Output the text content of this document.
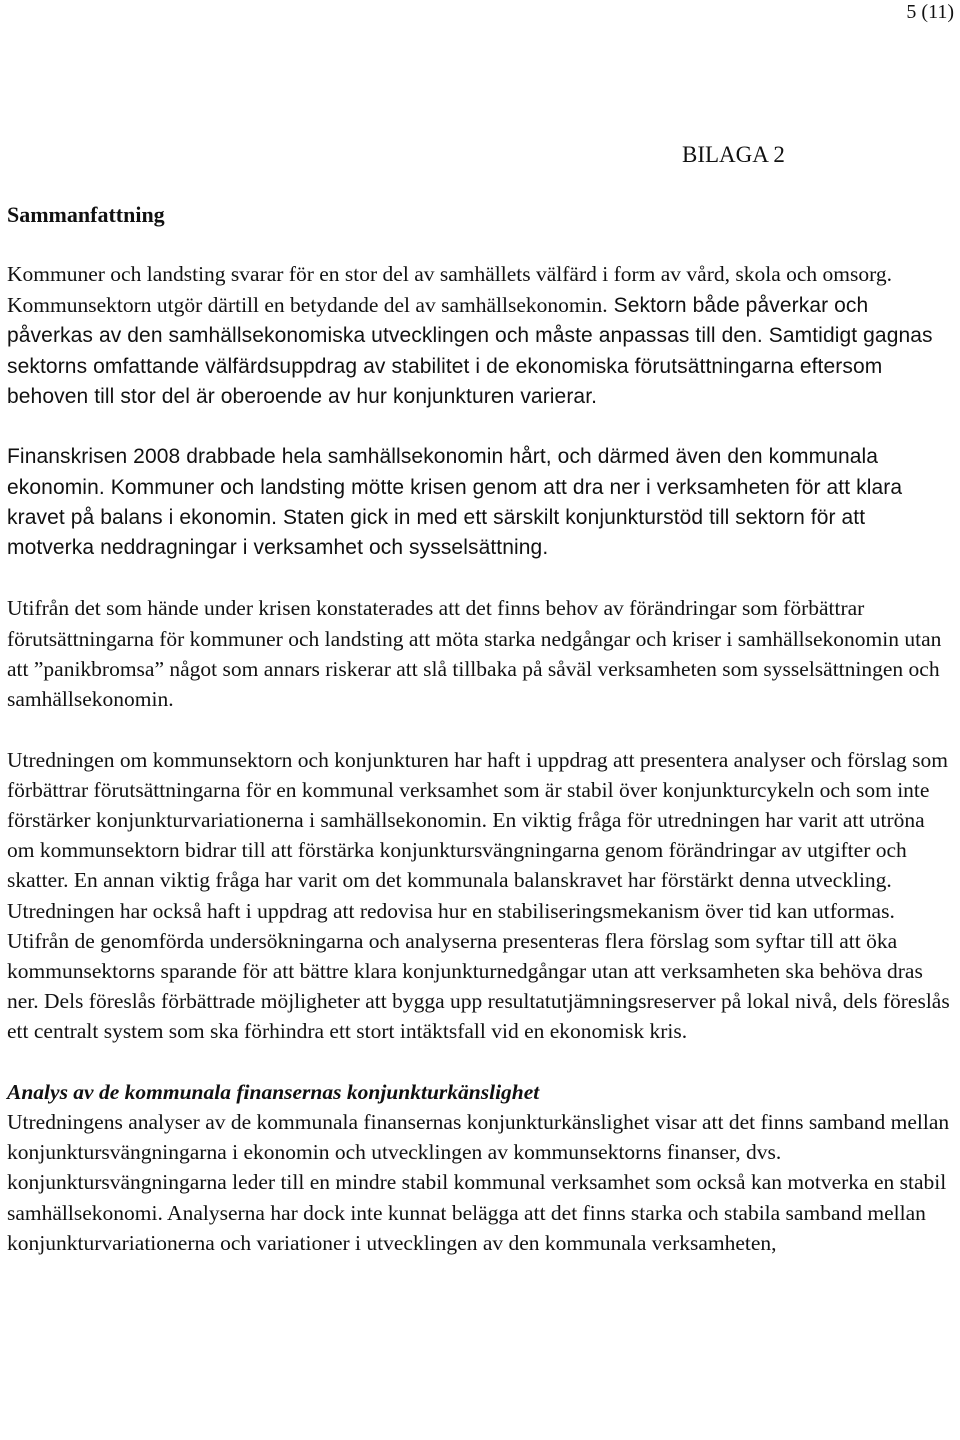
5 (11)
BILAGA 2
Sammanfattning

Kommuner och landsting svarar för en stor del av samhällets välfärd i form av vård, skola och omsorg. Kommunsektorn utgör därtill en betydande del av samhällsekonomin. Sektorn både påverkar och påverkas av den samhällsekonomiska utvecklingen och måste anpassas till den. Samtidigt gagnas sektorns omfattande välfärdsuppdrag av stabilitet i de ekonomiska förutsättningarna eftersom behoven till stor del är oberoende av hur konjunkturen varierar.

Finanskrisen 2008 drabbade hela samhällsekonomin hårt, och därmed även den kommunala ekonomin. Kommuner och landsting mötte krisen genom att dra ner i verksamheten för att klara kravet på balans i ekonomin. Staten gick in med ett särskilt konjunkturstöd till sektorn för att motverka neddragningar i verksamhet och sysselsättning.

Utifrån det som hände under krisen konstaterades att det finns behov av förändringar som förbättrar förutsättningarna för kommuner och landsting att möta starka nedgångar och kriser i samhällsekonomin utan att ”panikbromsa” något som annars riskerar att slå tillbaka på såväl verksamheten som sysselsättningen och samhällsekonomin.

Utredningen om kommunsektorn och konjunkturen har haft i uppdrag att presentera analyser och förslag som förbättrar förutsättningarna för en kommunal verksamhet som är stabil över konjunkturcykeln och som inte förstärker konjunkturvariationerna i samhällsekonomin. En viktig fråga för utredningen har varit att utröna om kommunsektorn bidrar till att förstärka konjunktursvängningarna genom förändringar av utgifter och skatter. En annan viktig fråga har varit om det kommunala balanskravet har förstärkt denna utveckling. Utredningen har också haft i uppdrag att redovisa hur en stabiliseringsmekanism över tid kan utformas. Utifrån de genomförda undersökningarna och analyserna presenteras flera förslag som syftar till att öka kommunsektorns sparande för att bättre klara konjunkturnedgångar utan att verksamheten ska behöva dras ner. Dels föreslås förbättrade möjligheter att bygga upp resultatutjämningsreserver på lokal nivå, dels föreslås ett centralt system som ska förhindra ett stort intäktsfall vid en ekonomisk kris.

Analys av de kommunala finansernas konjunkturkänslighet

Utredningens analyser av de kommunala finansernas konjunkturkänslighet visar att det finns samband mellan konjunktursvängningarna i ekonomin och utvecklingen av kommunsektorns finanser, dvs. konjunktursvängningarna leder till en mindre stabil kommunal verksamhet som också kan motverka en stabil samhällsekonomi. Analyserna har dock inte kunnat belägga att det finns starka och stabila samband mellan konjunkturvariationerna och variationer i utvecklingen av den kommunala verksamheten,
